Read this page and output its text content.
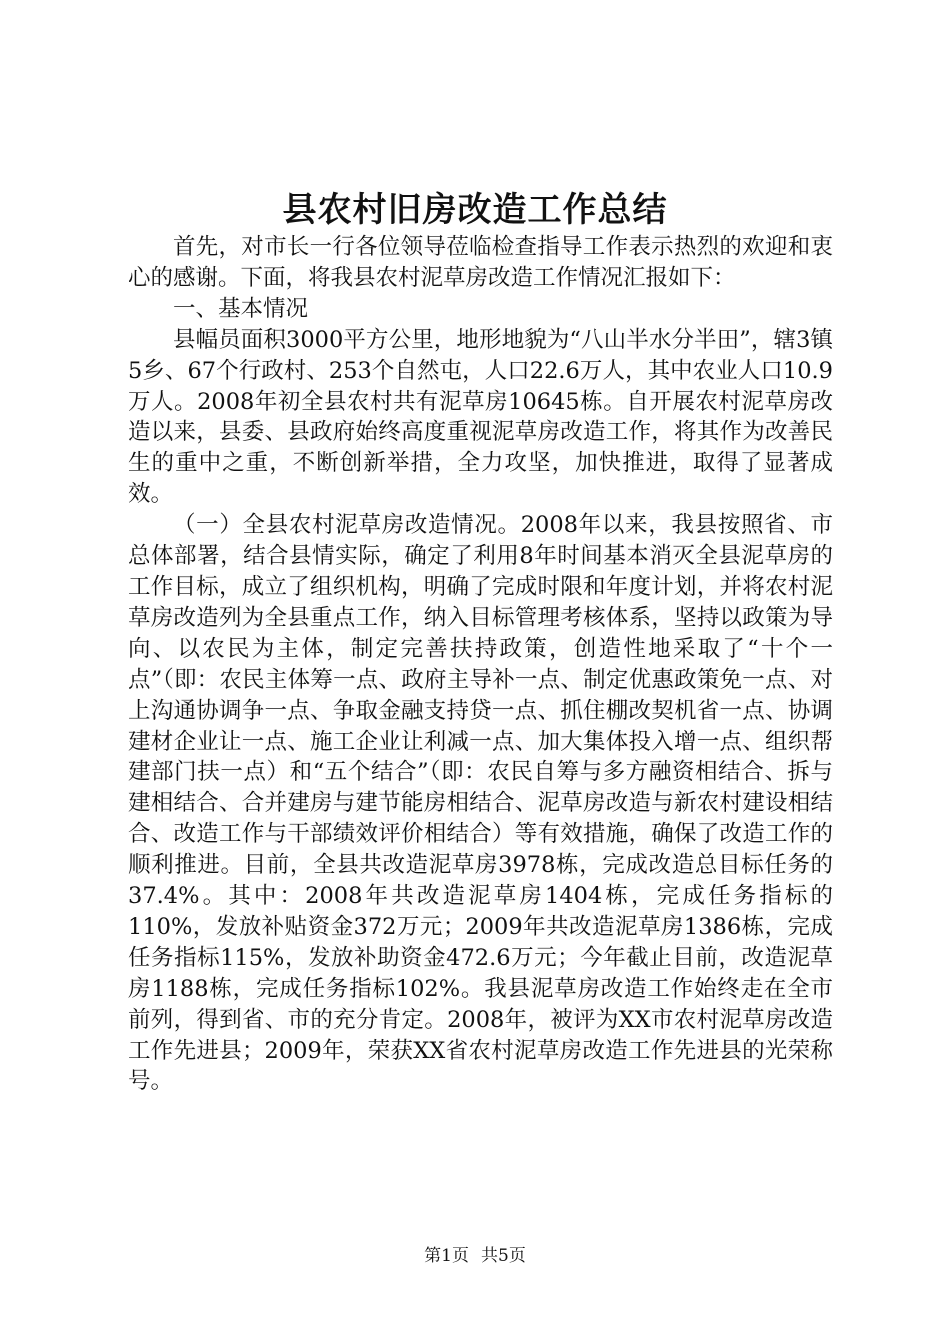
县农村旧房改造工作总结

首先，对市长一行各位领导莅临检查指导工作表示热烈的欢迎和衷心的感谢。下面，将我县农村泥草房改造工作情况汇报如下：

一、基本情况

县幅员面积3000平方公里，地形地貌为“八山半水分半田”，辖3镇5乡、67个行政村、253个自然屯，人口22.6万人，其中农业人口10.9万人。2008年初全县农村共有泥草房10645栋。自开展农村泥草房改造以来，县委、县政府始终高度重视泥草房改造工作，将其作为改善民生的重中之重，不断创新举措，全力攻坚，加快推进，取得了显著成效。

（一）全县农村泥草房改造情况。2008年以来，我县按照省、市总体部署，结合县情实际，确定了利用8年时间基本消灭全县泥草房的工作目标，成立了组织机构，明确了完成时限和年度计划，并将农村泥草房改造列为全县重点工作，纳入目标管理考核体系，坚持以政策为导向、以农民为主体，制定完善扶持政策，创造性地采取了“十个一点”（即：农民主体筹一点、政府主导补一点、制定优惠政策免一点、对上沟通协调争一点、争取金融支持贷一点、抓住棚改契机省一点、协调建材企业让一点、施工企业让利减一点、加大集体投入增一点、组织帮建部门扶一点）和“五个结合”（即：农民自筹与多方融资相结合、拆与建相结合、合并建房与建节能房相结合、泥草房改造与新农村建设相结合、改造工作与干部绩效评价相结合）等有效措施，确保了改造工作的顺利推进。目前，全县共改造泥草房3978栋，完成改造总目标任务的37.4%。其中：2008年共改造泥草房1404栋，完成任务指标的110%，发放补贴资金372万元；2009年共改造泥草房1386栋，完成任务指标115%，发放补助资金472.6万元；今年截止目前，改造泥草房1188栋，完成任务指标102%。我县泥草房改造工作始终走在全市前列，得到省、市的充分肯定。2008年，被评为XX市农村泥草房改造工作先进县；2009年，荣获XX省农村泥草房改造工作先进县的光荣称号。

第1页 共5页
